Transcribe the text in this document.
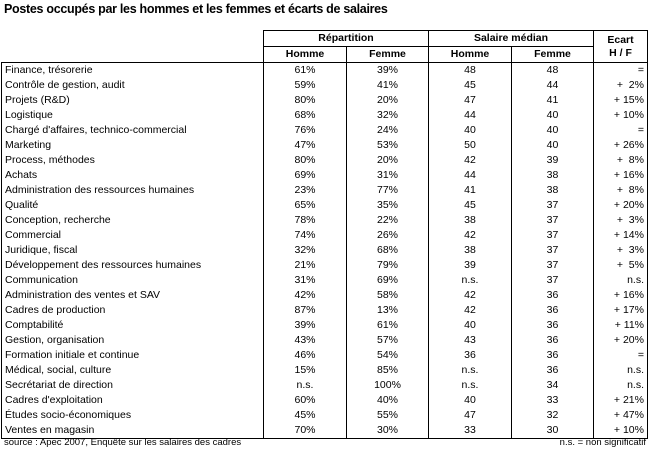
Postes occupés par les hommes et les femmes et écarts de salaires
	Répartition		Salaire médian		Ecart
H / F
	Homme	Femme	Homme	Femme	
Finance, trésorerie	61%	39%	48	48	=
Contrôle de gestion, audit	59%	41%	45	44	+  2%
Projets (R&D)	80%	20%	47	41	+ 15%
Logistique	68%	32%	44	40	+ 10%
Chargé d'affaires, technico-commercial	76%	24%	40	40	=
Marketing	47%	53%	50	40	+ 26%
Process, méthodes	80%	20%	42	39	+  8%
Achats	69%	31%	44	38	+ 16%
Administration des ressources humaines	23%	77%	41	38	+  8%
Qualité	65%	35%	45	37	+ 20%
Conception, recherche	78%	22%	38	37	+  3%
Commercial	74%	26%	42	37	+ 14%
Juridique, fiscal	32%	68%	38	37	+  3%
Développement des ressources humaines	21%	79%	39	37	+  5%
Communication	31%	69%	n.s.	37	n.s.
Administration des ventes et SAV	42%	58%	42	36	+ 16%
Cadres de production	87%	13%	42	36	+ 17%
Comptabilité	39%	61%	40	36	+ 11%
Gestion, organisation	43%	57%	43	36	+ 20%
Formation initiale et continue	46%	54%	36	36	=
Médical, social, culture	15%	85%	n.s.	36	n.s.
Secrétariat de direction	n.s.	100%	n.s.	34	n.s.
Cadres d'exploitation	60%	40%	40	33	+ 21%
Études socio-économiques	45%	55%	47	32	+ 47%
Ventes en magasin	70%	30%	33	30	+ 10%
source : Apec 2007, Enquête sur les salaires des cadres	n.s. = non significatif
